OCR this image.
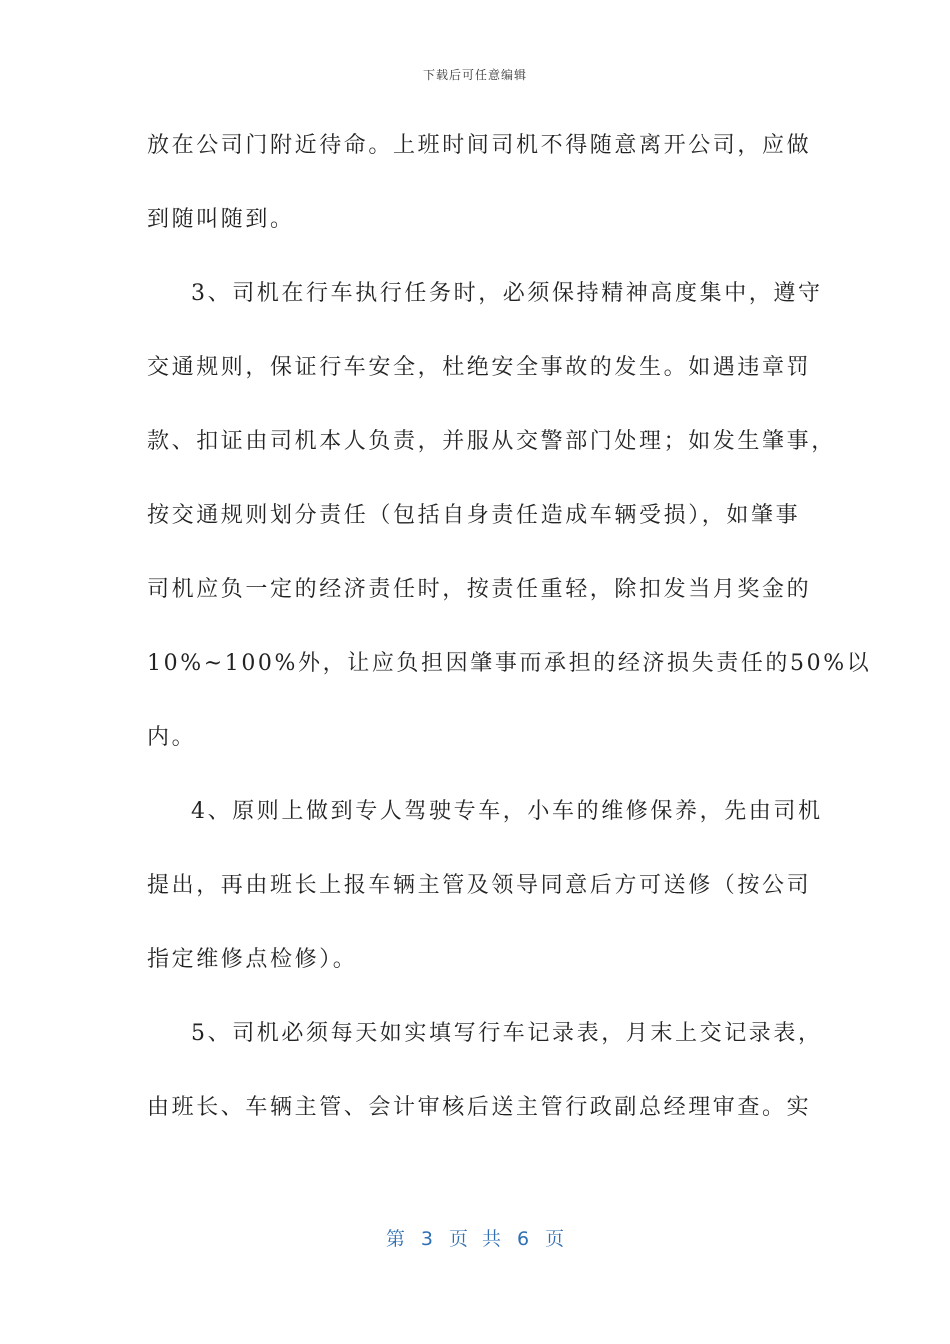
下载后可任意编辑
放在公司门附近待命。上班时间司机不得随意离开公司，应做
到随叫随到。
3、司机在行车执行任务时，必须保持精神高度集中，遵守
交通规则，保证行车安全，杜绝安全事故的发生。如遇违章罚
款、扣证由司机本人负责，并服从交警部门处理；如发生肇事，
按交通规则划分责任（包括自身责任造成车辆受损），如肇事
司机应负一定的经济责任时，按责任重轻，除扣发当月奖金的
10%~100%外，让应负担因肇事而承担的经济损失责任的50%以
内。
4、原则上做到专人驾驶专车，小车的维修保养，先由司机
提出，再由班长上报车辆主管及领导同意后方可送修（按公司
指定维修点检修）。
5、司机必须每天如实填写行车记录表，月末上交记录表，
由班长、车辆主管、会计审核后送主管行政副总经理审查。实
第 3 页 共 6 页
